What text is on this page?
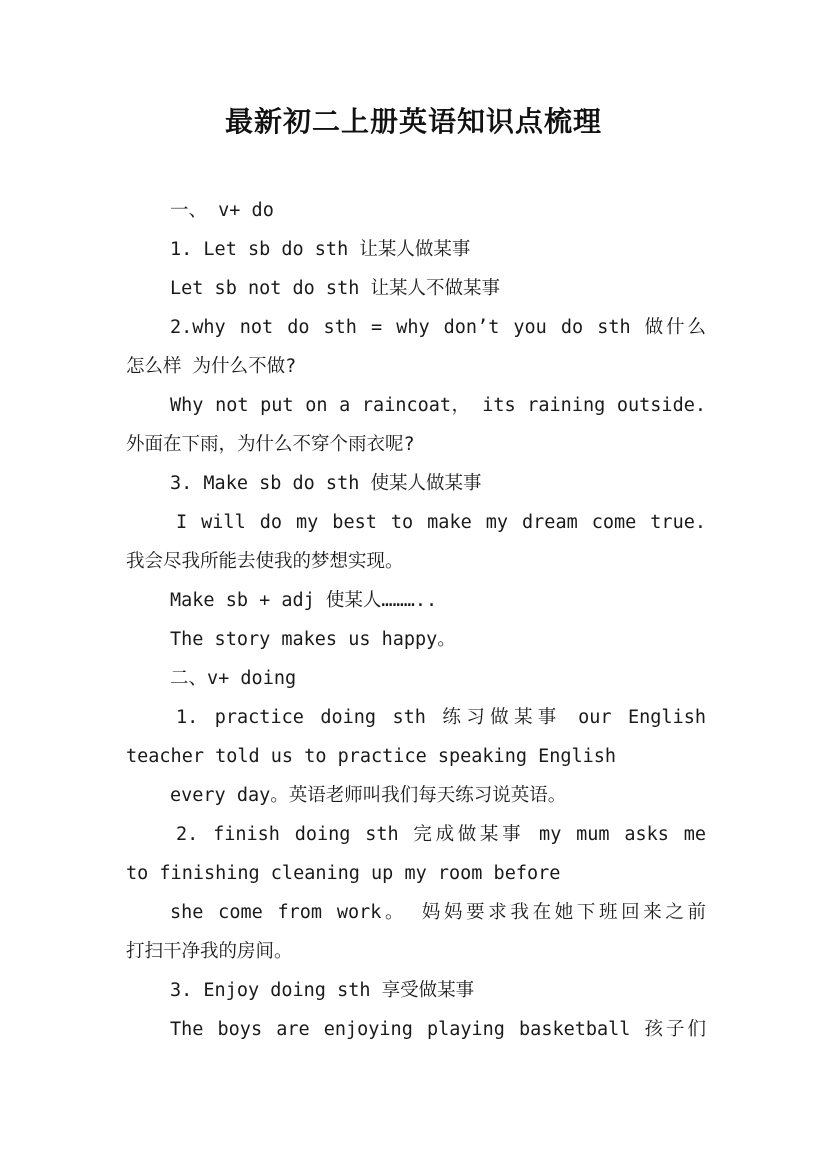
最新初二上册英语知识点梳理
一、 v+ do
1. Let sb do sth 让某人做某事
Let sb not do sth 让某人不做某事
2.why not do sth = why don’t you do sth 做什么
怎么样 为什么不做?
Why not put on a raincoat， its raining outside.
外面在下雨，为什么不穿个雨衣呢?
3. Make sb do sth 使某人做某事
I will do my best to make my dream come true.
我会尽我所能去使我的梦想实现。
Make sb + adj 使某人………..
The story makes us happy。
二、v+ doing
1. practice doing sth 练习做某事 our English
teacher told us to practice speaking English
every day。英语老师叫我们每天练习说英语。
2. finish doing sth 完成做某事 my mum asks me
to finishing cleaning up my room before
she come from work。 妈妈要求我在她下班回来之前
打扫干净我的房间。
3. Enjoy doing sth 享受做某事
The boys are enjoying playing basketball 孩子们
